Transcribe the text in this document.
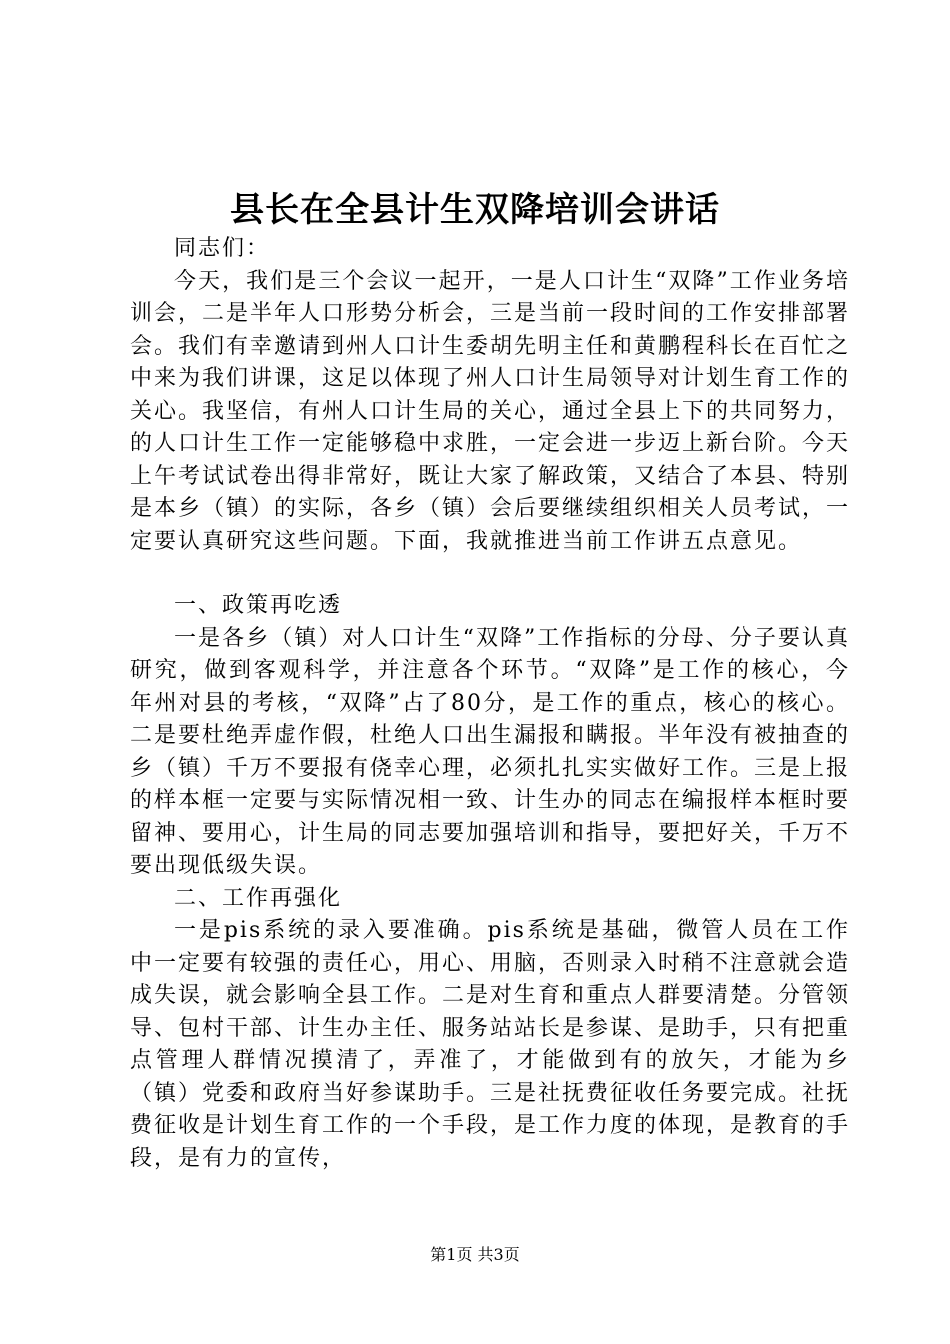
县长在全县计生双降培训会讲话

同志们：

今天，我们是三个会议一起开，一是人口计生“双降”工作业务培训会，二是半年人口形势分析会，三是当前一段时间的工作安排部署会。我们有幸邀请到州人口计生委胡先明主任和黄鹏程科长在百忙之中来为我们讲课，这足以体现了州人口计生局领导对计划生育工作的关心。我坚信，有州人口计生局的关心，通过全县上下的共同努力，的人口计生工作一定能够稳中求胜，一定会进一步迈上新台阶。今天上午考试试卷出得非常好，既让大家了解政策，又结合了本县、特别是本乡（镇）的实际，各乡（镇）会后要继续组织相关人员考试，一定要认真研究这些问题。下面，我就推进当前工作讲五点意见。

一、政策再吃透

一是各乡（镇）对人口计生“双降”工作指标的分母、分子要认真研究，做到客观科学，并注意各个环节。“双降”是工作的核心，今年州对县的考核，“双降”占了80分，是工作的重点，核心的核心。二是要杜绝弄虚作假，杜绝人口出生漏报和瞒报。半年没有被抽查的乡（镇）千万不要报有侥幸心理，必须扎扎实实做好工作。三是上报的样本框一定要与实际情况相一致、计生办的同志在编报样本框时要留神、要用心，计生局的同志要加强培训和指导，要把好关，千万不要出现低级失误。

二、工作再强化

一是pis系统的录入要准确。pis系统是基础，微管人员在工作中一定要有较强的责任心，用心、用脑，否则录入时稍不注意就会造成失误，就会影响全县工作。二是对生育和重点人群要清楚。分管领导、包村干部、计生办主任、服务站站长是参谋、是助手，只有把重点管理人群情况摸清了，弄准了，才能做到有的放矢，才能为乡（镇）党委和政府当好参谋助手。三是社抚费征收任务要完成。社抚费征收是计划生育工作的一个手段，是工作力度的体现，是教育的手段，是有力的宣传，

第1页 共3页
